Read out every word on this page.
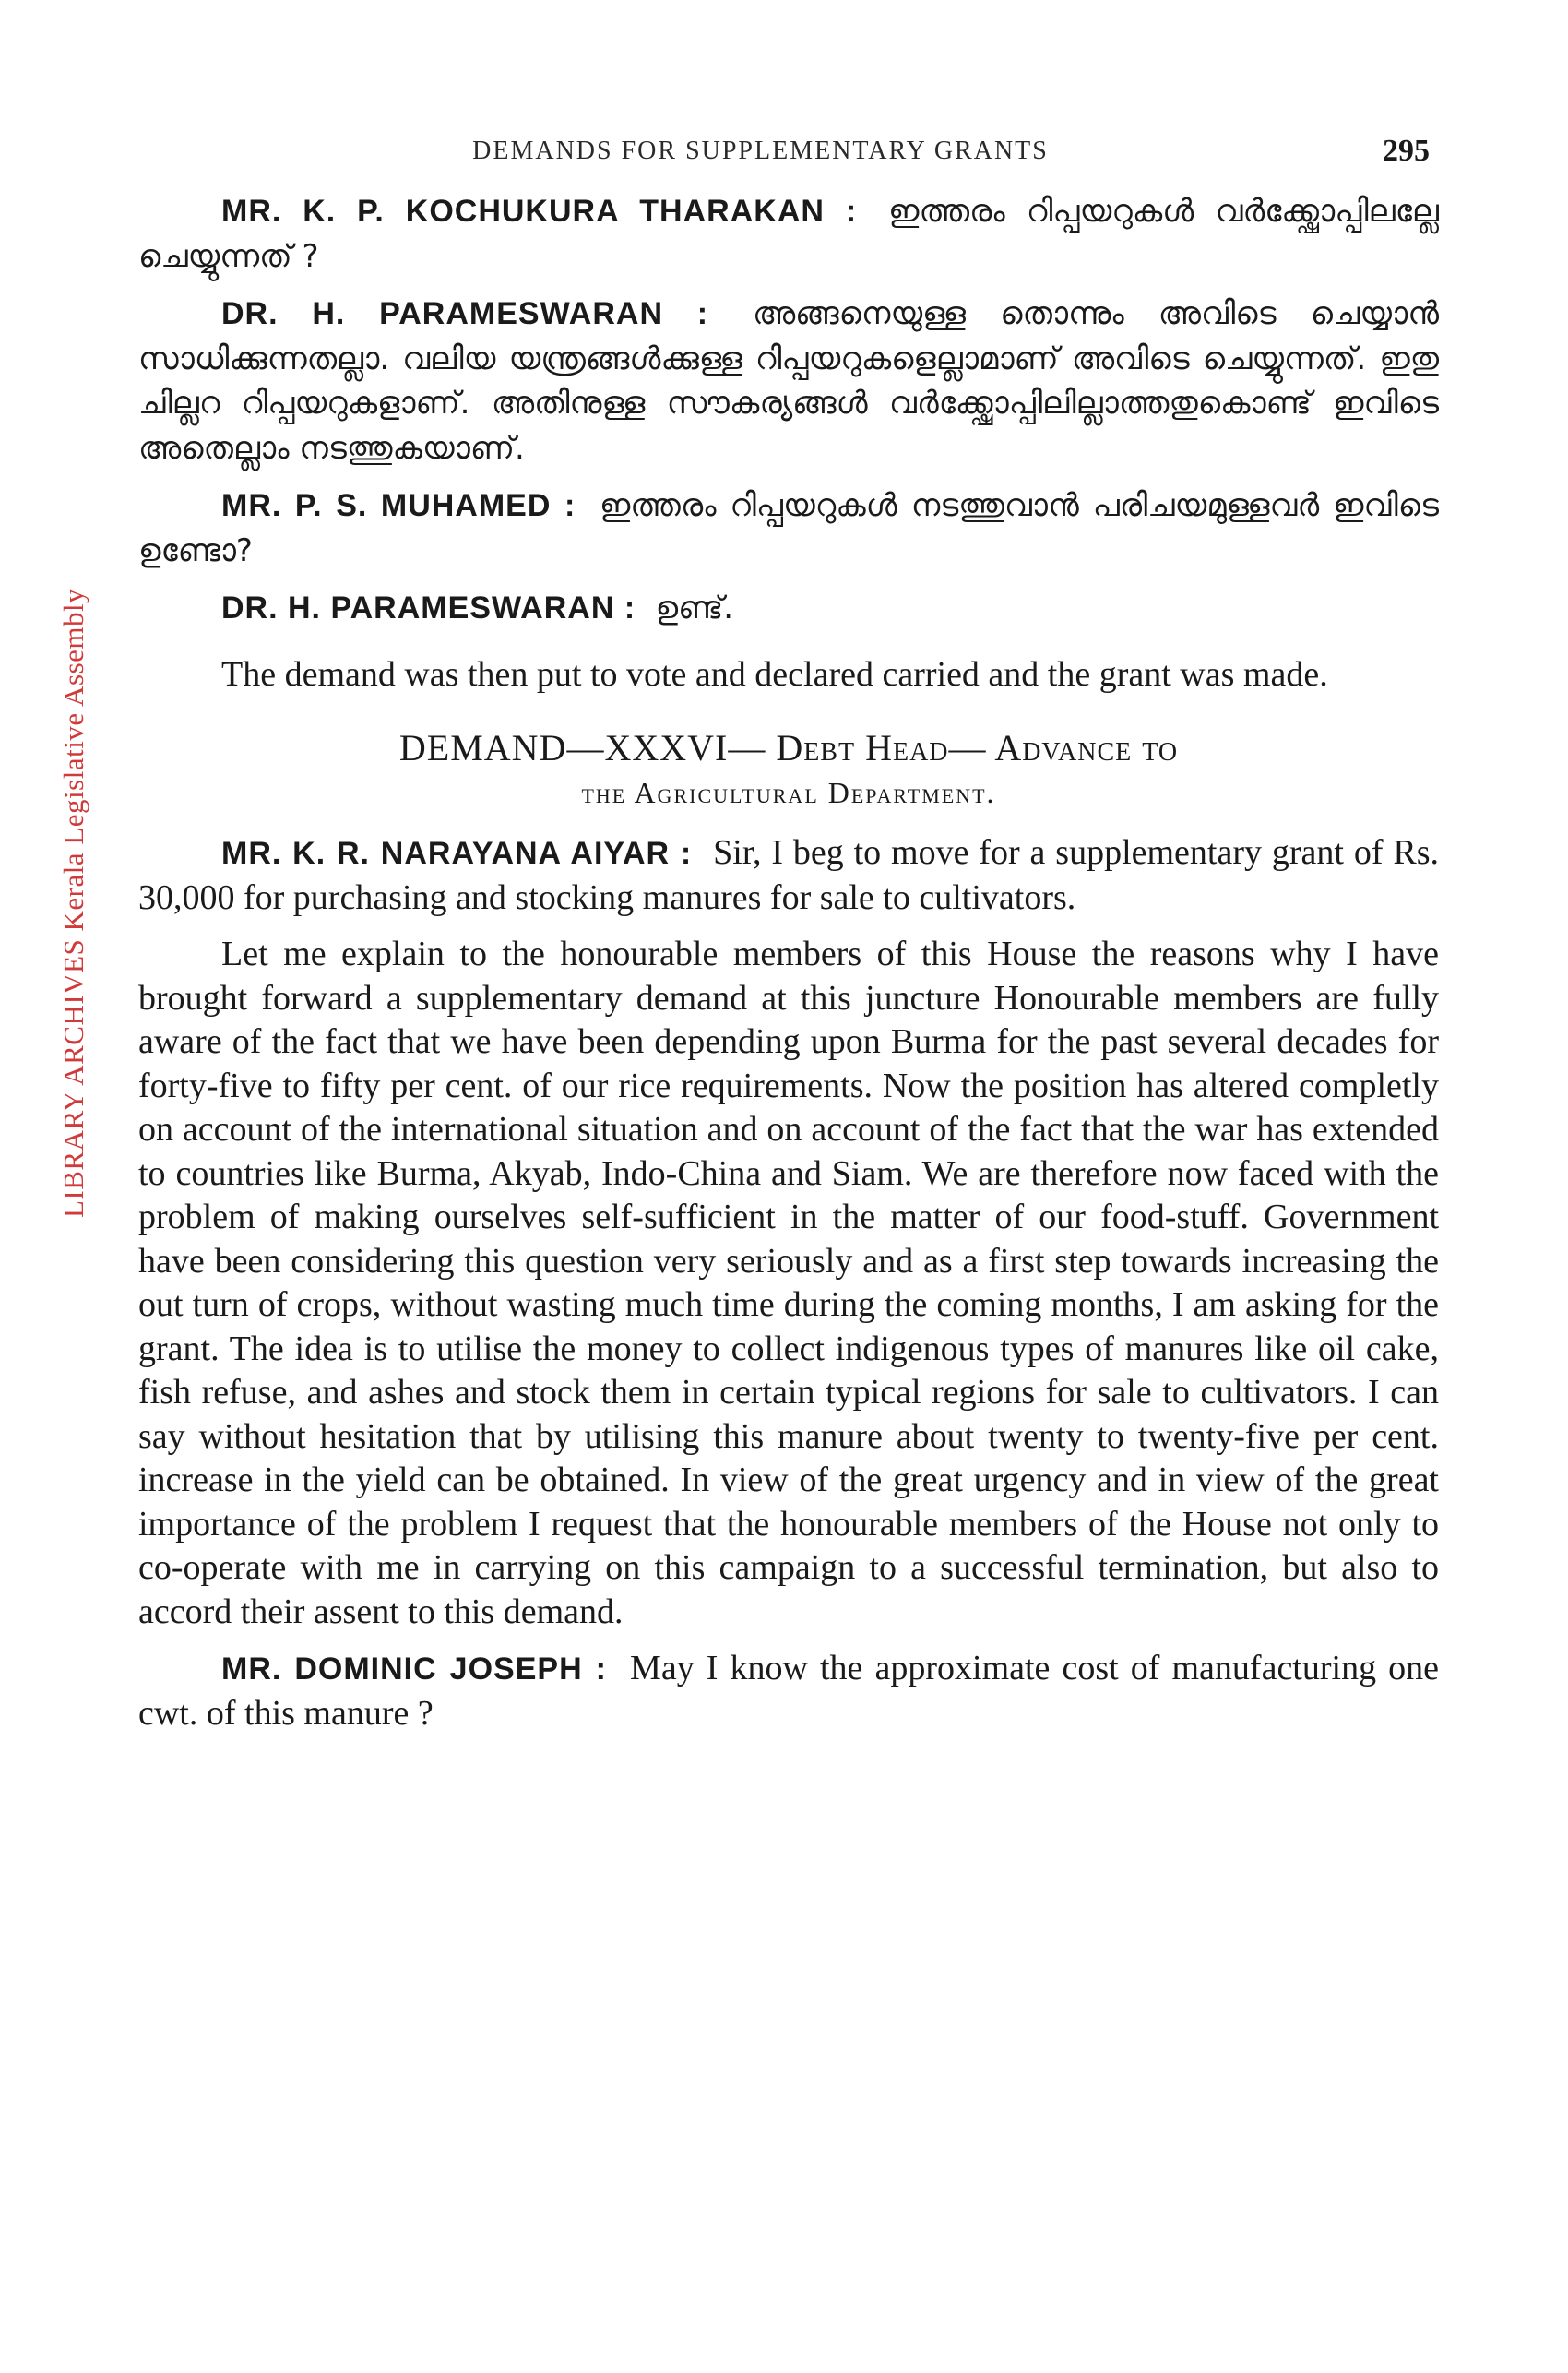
LIBRARY ARCHIVES Kerala Legislative Assembly
DEMANDS FOR SUPPLEMENTARY GRANTS	295

MR. K. P. KOCHUKURA THARAKAN : ഇത്തരം റിപ്പയറുകൾ വർക്ക്ഷോപ്പിലല്ലേ ചെയ്യുന്നത് ?

DR. H. PARAMESWARAN : അങ്ങനെയുള്ള തൊന്നും അവിടെ ചെയ്യാൻ സാധിക്കുന്നതല്ലാ. വലിയ യന്ത്രങ്ങൾക്കുള്ള റിപ്പയറുകളെല്ലാമാണ് അവിടെ ചെയ്യുന്നത്. ഇതു ചില്ലറ റിപ്പയറുകളാണ്. അതിനുള്ള സൗകര്യങ്ങൾ വർക്ക്ഷോപ്പിലില്ലാത്തതുകൊണ്ട് ഇവിടെ അതെല്ലാം നടത്തുകയാണ്.

MR. P. S. MUHAMED : ഇത്തരം റിപ്പയറുകൾ നടത്തുവാൻ പരിചയമുള്ളവർ ഇവിടെ ഉണ്ടോ?

DR. H. PARAMESWARAN : ഉണ്ട്.

The demand was then put to vote and declared carried and the grant was made.

DEMAND—XXXVI— Debt Head— Advance to
the Agricultural Department.

MR. K. R. NARAYANA AIYAR : Sir, I beg to move for a supplementary grant of Rs. 30,000 for purchasing and stocking manures for sale to cultivators.

Let me explain to the honourable members of this House the reasons why I have brought forward a supplementary demand at this juncture Honourable members are fully aware of the fact that we have been depending upon Burma for the past several decades for forty-five to fifty per cent. of our rice requirements. Now the position has altered completly on account of the international situation and on account of the fact that the war has extended to countries like Burma, Akyab, Indo-China and Siam. We are therefore now faced with the problem of making ourselves self-sufficient in the matter of our food-stuff. Government have been considering this question very seriously and as a first step towards increasing the out turn of crops, without wasting much time during the coming months, I am asking for the grant. The idea is to utilise the money to collect indigenous types of manures like oil cake, fish refuse, and ashes and stock them in certain typical regions for sale to cultivators. I can say without hesitation that by utilising this manure about twenty to twenty-five per cent. increase in the yield can be obtained. In view of the great urgency and in view of the great importance of the problem I request that the honourable members of the House not only to co-operate with me in carrying on this campaign to a successful termination, but also to accord their assent to this demand.

MR. DOMINIC JOSEPH : May I know the approximate cost of manufacturing one cwt. of this manure ?
